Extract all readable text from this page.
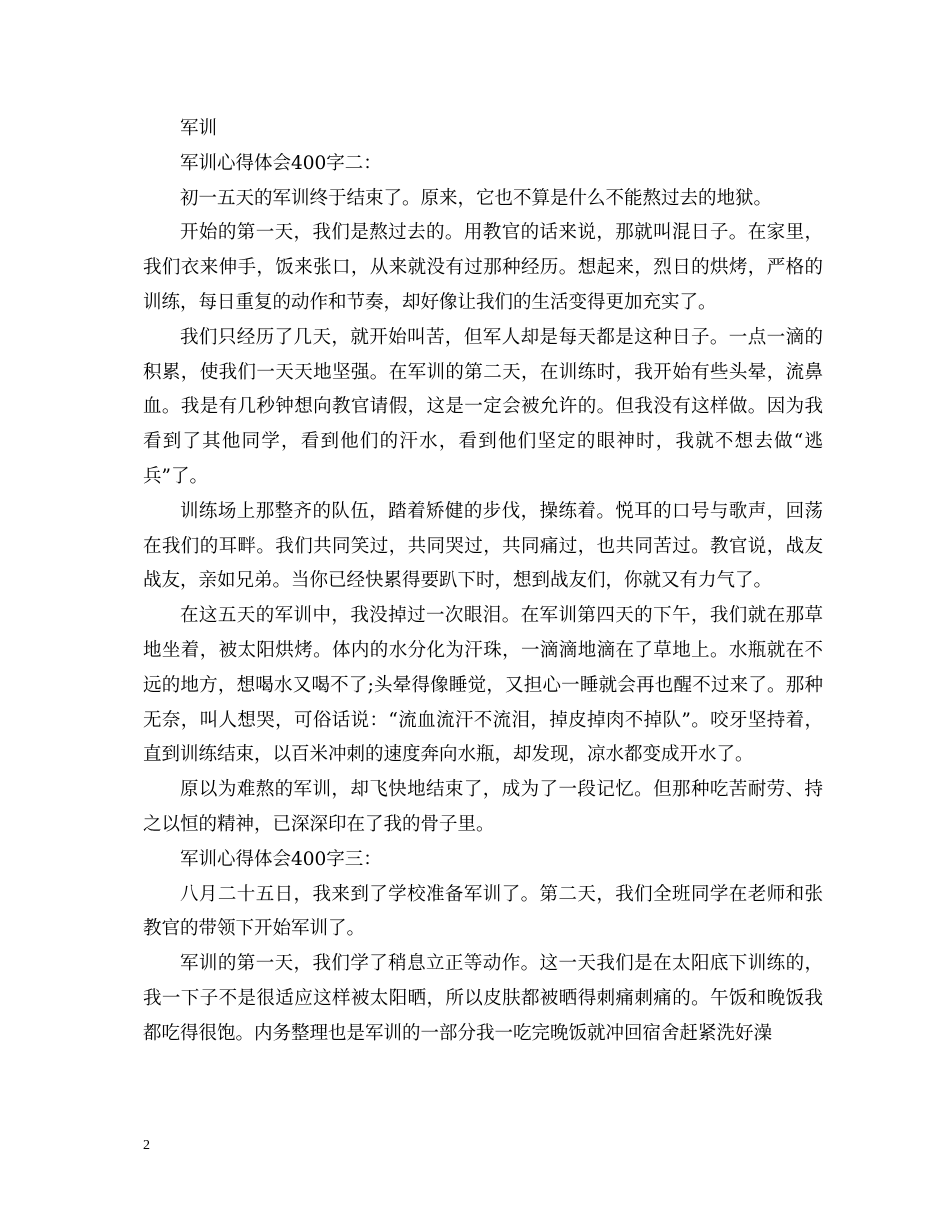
军训

军训心得体会400字二：

初一五天的军训终于结束了。原来，它也不算是什么不能熬过去的地狱。

开始的第一天，我们是熬过去的。用教官的话来说，那就叫混日子。在家里，我们衣来伸手，饭来张口，从来就没有过那种经历。想起来，烈日的烘烤，严格的训练，每日重复的动作和节奏，却好像让我们的生活变得更加充实了。

我们只经历了几天，就开始叫苦，但军人却是每天都是这种日子。一点一滴的积累，使我们一天天地坚强。在军训的第二天，在训练时，我开始有些头晕，流鼻血。我是有几秒钟想向教官请假，这是一定会被允许的。但我没有这样做。因为我看到了其他同学，看到他们的汗水，看到他们坚定的眼神时，我就不想去做“逃兵”了。

训练场上那整齐的队伍，踏着矫健的步伐，操练着。悦耳的口号与歌声，回荡在我们的耳畔。我们共同笑过，共同哭过，共同痛过，也共同苦过。教官说，战友战友，亲如兄弟。当你已经快累得要趴下时，想到战友们，你就又有力气了。

在这五天的军训中，我没掉过一次眼泪。在军训第四天的下午，我们就在那草地坐着，被太阳烘烤。体内的水分化为汗珠，一滴滴地滴在了草地上。水瓶就在不远的地方，想喝水又喝不了;头晕得像睡觉，又担心一睡就会再也醒不过来了。那种无奈，叫人想哭，可俗话说：“流血流汗不流泪，掉皮掉肉不掉队”。咬牙坚持着，直到训练结束，以百米冲刺的速度奔向水瓶，却发现，凉水都变成开水了。

原以为难熬的军训，却飞快地结束了，成为了一段记忆。但那种吃苦耐劳、持之以恒的精神，已深深印在了我的骨子里。

军训心得体会400字三：

八月二十五日，我来到了学校准备军训了。第二天，我们全班同学在老师和张教官的带领下开始军训了。

军训的第一天，我们学了稍息立正等动作。这一天我们是在太阳底下训练的，我一下子不是很适应这样被太阳晒，所以皮肤都被晒得刺痛刺痛的。午饭和晚饭我都吃得很饱。内务整理也是军训的一部分我一吃完晚饭就冲回宿舍赶紧洗好澡

2
